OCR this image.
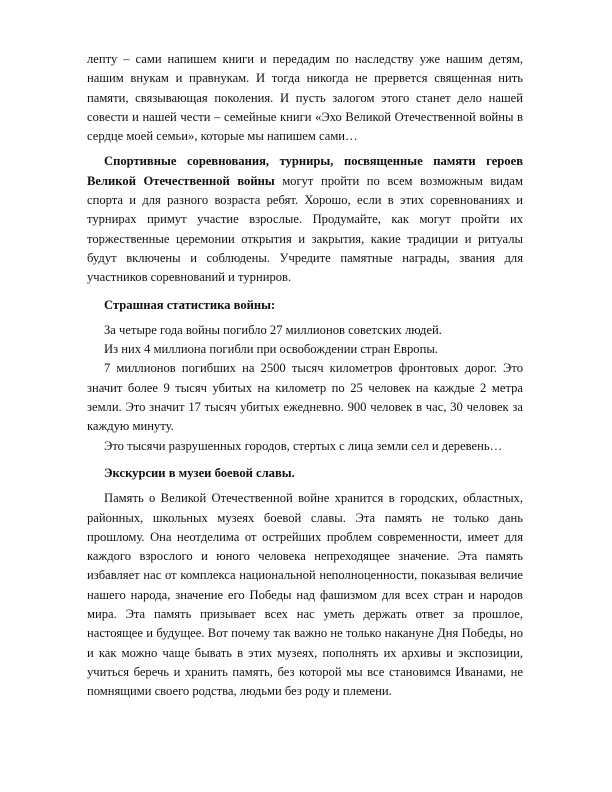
лепту – сами напишем книги и передадим по наследству уже нашим детям, нашим внукам и правнукам. И тогда никогда не прервется священная нить памяти, связывающая поколения. И пусть залогом этого станет дело нашей совести и нашей чести – семейные книги «Эхо Великой Отечественной войны в сердце моей семьи», которые мы напишем сами…

Спортивные соревнования, турниры, посвященные памяти героев Великой Отечественной войны могут пройти по всем возможным видам спорта и для разного возраста ребят. Хорошо, если в этих соревнованиях и турнирах примут участие взрослые. Продумайте, как могут пройти их торжественные церемонии открытия и закрытия, какие традиции и ритуалы будут включены и соблюдены. Учредите памятные награды, звания для участников соревнований и турниров.

Страшная статистика войны:

За четыре года войны погибло 27 миллионов советских людей.

Из них 4 миллиона погибли при освобождении стран Европы.

7 миллионов погибших на 2500 тысяч километров фронтовых дорог. Это значит более 9 тысяч убитых на километр по 25 человек на каждые 2 метра земли. Это значит 17 тысяч убитых ежедневно. 900 человек в час, 30 человек за каждую минуту.

Это тысячи разрушенных городов, стертых с лица земли сел и деревень…

Экскурсии в музеи боевой славы.

Память о Великой Отечественной войне хранится в городских, областных, районных, школьных музеях боевой славы. Эта память не только дань прошлому. Она неотделима от острейших проблем современности, имеет для каждого взрослого и юного человека непреходящее значение. Эта память избавляет нас от комплекса национальной неполноценности, показывая величие нашего народа, значение его Победы над фашизмом для всех стран и народов мира. Эта память призывает всех нас уметь держать ответ за прошлое, настоящее и будущее. Вот почему так важно не только накануне Дня Победы, но и как можно чаще бывать в этих музеях, пополнять их архивы и экспозиции, учиться беречь и хранить память, без которой мы все становимся Иванами, не помнящими своего родства, людьми без роду и племени.
